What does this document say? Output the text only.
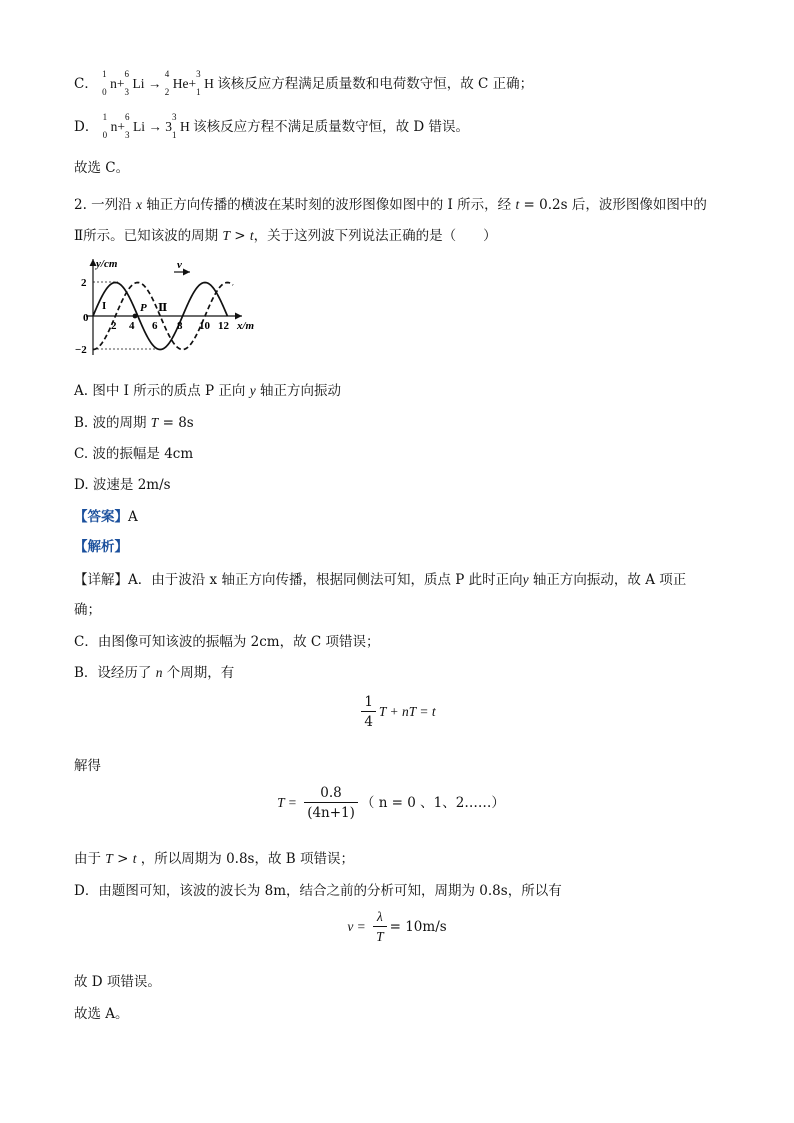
C．
1
0
n+
6
3
Li →
4
2
He+
3
1
H 该核反应方程满足质量数和电荷数守恒，故 C 正确；
D．
1
0
n+
6
3
Li → 3
3
1
H 该核反应方程不满足质量数守恒，故 D 错误。
故选 C。
2. 一列沿 x 轴正方向传播的横波在某时刻的波形图像如图中的 I 所示，经 t = 0.2s 后，波形图像如图中的
Ⅱ所示。已知该波的周期 T > t，关于这列波下列说法正确的是（　　）
y/cm	v
2
−2
0
I	P Ⅱ
2 4 6 8 10 12 x/m
A. 图中 I 所示的质点 P 正向 y 轴正方向振动
B. 波的周期 T = 8s
C. 波的振幅是 4cm
D. 波速是 2m/s
【答案】A
【解析】
【详解】A．由于波沿 x 轴正方向传播，根据同侧法可知，质点 P 此时正向y 轴正方向振动，故 A 项正
确；
C．由图像可知该波的振幅为 2cm，故 C 项错误；
B．设经历了 n 个周期，有
$\frac{1}{4}$ T + nT = t
解得
$T = \frac{0.8}{(4n+1)}$ （ n = 0 、1、2……）
由于 T > t ，所以周期为 0.8s，故 B 项错误；
D．由题图可知，该波的波长为 8m，结合之前的分析可知，周期为 0.8s，所以有
$v = \frac{\lambda}{T} = 10m/s$
故 D 项错误。
故选 A。
